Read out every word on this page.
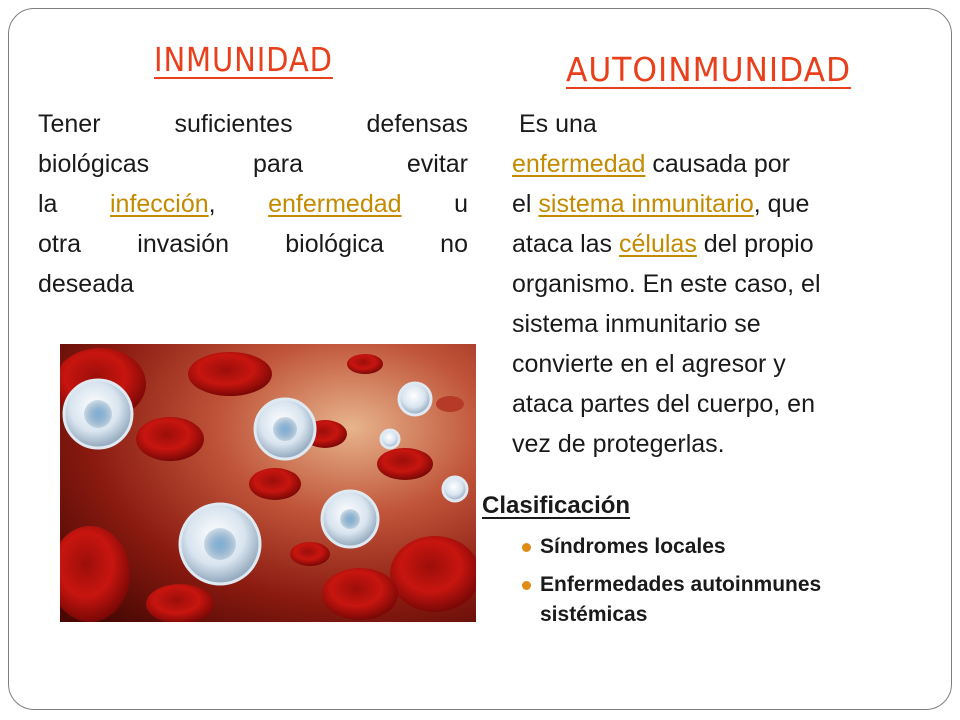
INMUNIDAD	AUTOINMUNIDAD
Tener suficientes defensas
biológicas para evitar
la infección, enfermedad u
otra invasión biológica no
deseada
Es una
enfermedad causada por
el sistema inmunitario, que
ataca las células del propio
organismo. En este caso, el
sistema inmunitario se
convierte en el agresor y
ataca partes del cuerpo, en
vez de protegerlas.
Clasificación
Síndromes locales
Enfermedades autoinmunes sistémicas
